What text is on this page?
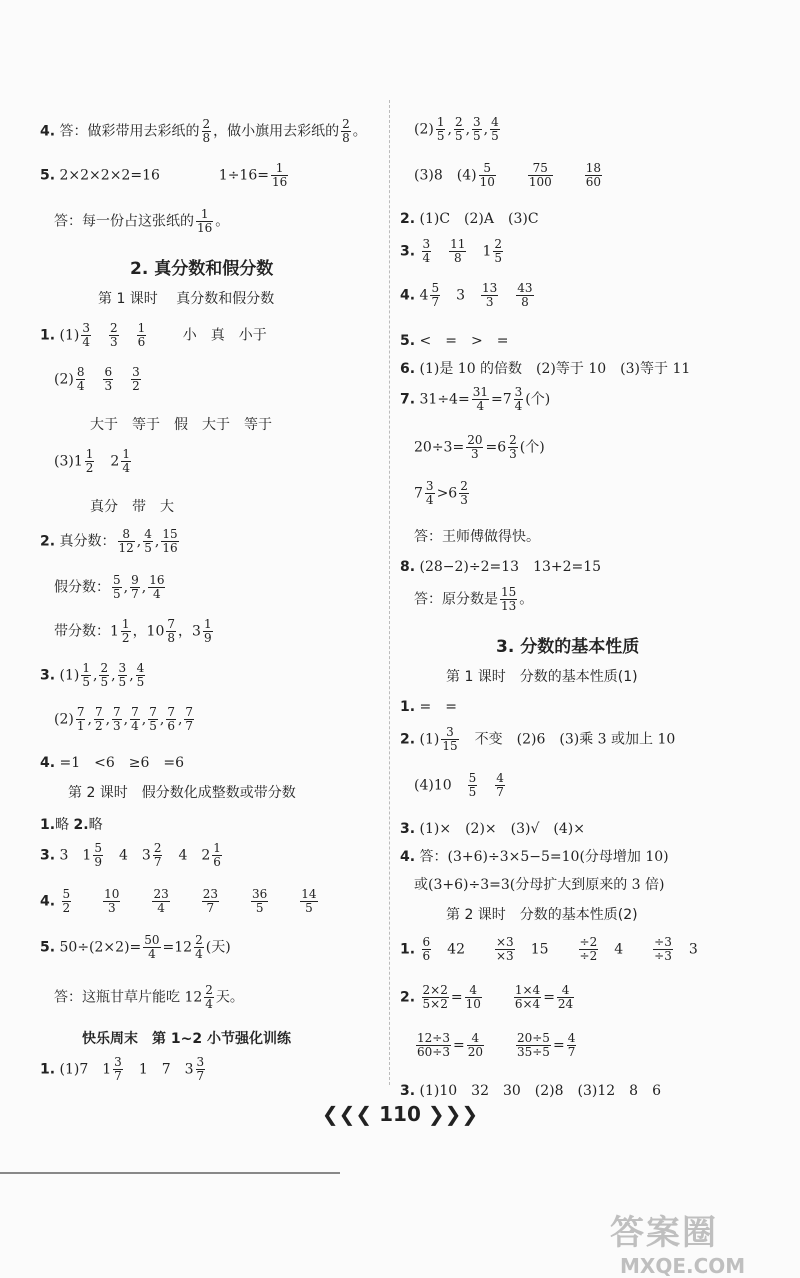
4. 答：做彩带用去彩纸的 $\frac{2}{8}$ ，做小旗用去彩纸的 $\frac{2}{8}$ 。
5. 2×2×2×2=16	$1\div 16= \frac{1}{16}$
答：每一份占这张纸的 $\frac{1}{16}$ 。
2. 真分数和假分数
第 1 课时　 真分数和假分数
1. $(1) \frac{3}{4} \frac{2}{3} \frac{1}{6}$	小　真　小于
$(2) \frac{8}{4} \frac{6}{3} \frac{3}{2}$
大于　等于　假　大于　等于
$(3)1 \frac{1}{2} 2 \frac{1}{4}$
真分　带　大
2. 真分数： $\frac{8}{12}$ , $\frac{4}{5}$ , $\frac{15}{16}$
假分数： $\frac{5}{5}$ , $\frac{9}{7}$ , $\frac{16}{4}$
带分数：$1 \frac{1}{2}$ ，$10 \frac{7}{8}$ ，$3 \frac{1}{9}$
3. $(1) \frac{1}{5}$ , $\frac{2}{5}$ , $\frac{3}{5}$ , $\frac{4}{5}$
$(2) \frac{7}{1}$ , $\frac{7}{2}$ , $\frac{7}{3}$ , $\frac{7}{4}$ , $\frac{7}{5}$ , $\frac{7}{6}$ , $\frac{7}{7}$
4. =1　<6　≥6　=6
第 2 课时　假分数化成整数或带分数
1.略 2.略
3. 3　$1 \frac{5}{9} 4$　$3 \frac{2}{7} 4$　$2 \frac{1}{6}$
4. $\frac{5}{2}$	$\frac{10}{3}$	$\frac{23}{4}$	$\frac{23}{7}$	$\frac{36}{5}$	$\frac{14}{5}$
5. $50\div(2\times 2)= \frac{50}{4} =12 \frac{2}{4}$ (天)
答：这瓶甘草片能吃 $12 \frac{2}{4}$ 天。
快乐周末　第 1~2 小节强化训练
1. (1)7　$1 \frac{3}{7} 1$　7　$3 \frac{3}{7}$
$(2) \frac{1}{5}$ , $\frac{2}{5}$ , $\frac{3}{5}$ , $\frac{4}{5}$
(3)8　$(4) \frac{5}{10}$	$\frac{75}{100}$	$\frac{18}{60}$
2. (1)C　(2)A　(3)C
3. $\frac{3}{4} \frac{11}{8} 1 \frac{2}{5}$
4. $4 \frac{5}{7} 3 \frac{13}{3} \frac{43}{8}$
5. <　=　>　=
6. (1)是 10 的倍数　(2)等于 10　(3)等于 11
7. $31\div 4= \frac{31}{4} =7 \frac{3}{4}$ (个)
$20\div 3= \frac{20}{3} =6 \frac{2}{3}$ (个)
$7 \frac{3}{4} >6 \frac{2}{3}$
答：王师傅做得快。
8. (28−2)÷2=13　13+2=15
答：原分数是 $\frac{15}{13}$ 。
3. 分数的基本性质
第 1 课时　分数的基本性质(1)
1. =　=
2. $(1) \frac{3}{15}$ 不变　(2)6　(3)乘 3 或加上 10
$(4)10 \frac{5}{5} \frac{4}{7}$
3. (1)×　(2)×　(3)√　(4)×
4. 答：(3+6)÷3×5−5=10(分母增加 10)
或(3+6)÷3=3(分母扩大到原来的 3 倍)
第 2 课时　分数的基本性质(2)
1. $\frac{6}{6} 42$	$\frac{\times 3}{\times 3} 15$	$\frac{\div 2}{\div 2} 4$	$\frac{\div 3}{\div 3} 3$
2. $\frac{2\times 2}{5\times 2} = \frac{4}{10}$	$\frac{1\times 4}{6\times 4} = \frac{4}{24}$
$\frac{12\div 3}{60\div 3} = \frac{4}{20}$	$\frac{20\div 5}{35\div 5} = \frac{4}{7}$
3. (1)10　32　30　(2)8　(3)12　8　6
❮❮❮ 110 ❯❯❯
答案圈
MXQE.COM
